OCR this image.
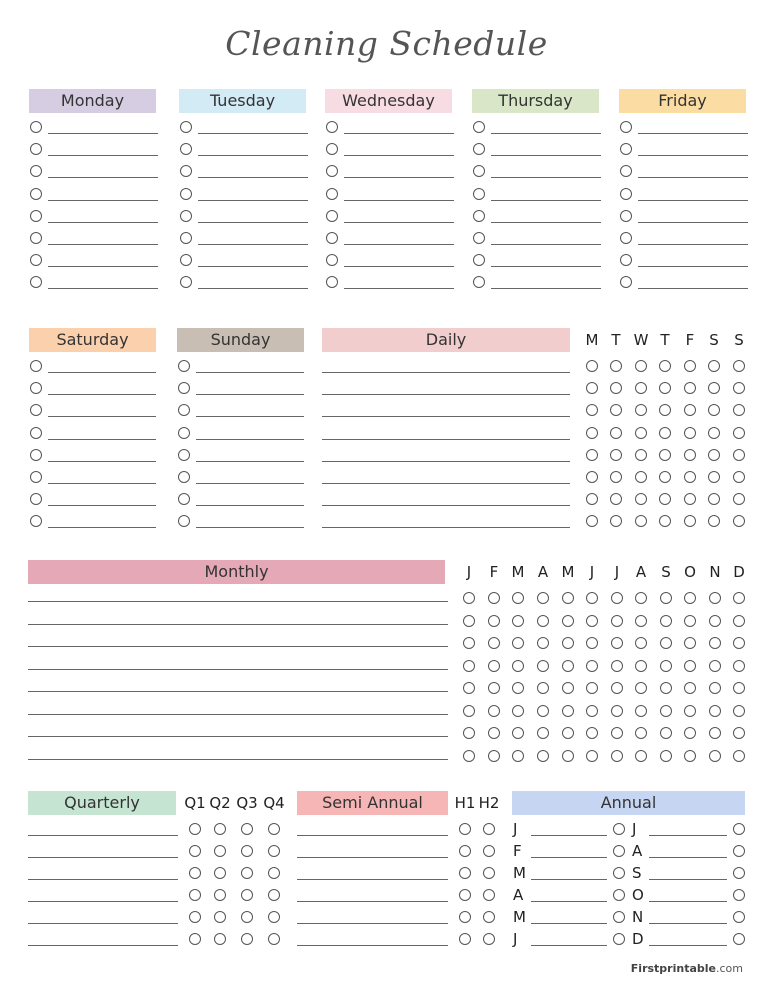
Cleaning Schedule
Monday	Tuesday	Wednesday	Thursday	Friday
Saturday	Sunday	Daily	M T W T	F S	S
Monthly	J	F M A M	J	J	A	S O N D
Quarterly	Q1 Q2 Q3 Q4	Semi Annual	H1 H2	Annual
J	J
F	A
M	S
A	O
M	N
J	D
Firstprintable.com
